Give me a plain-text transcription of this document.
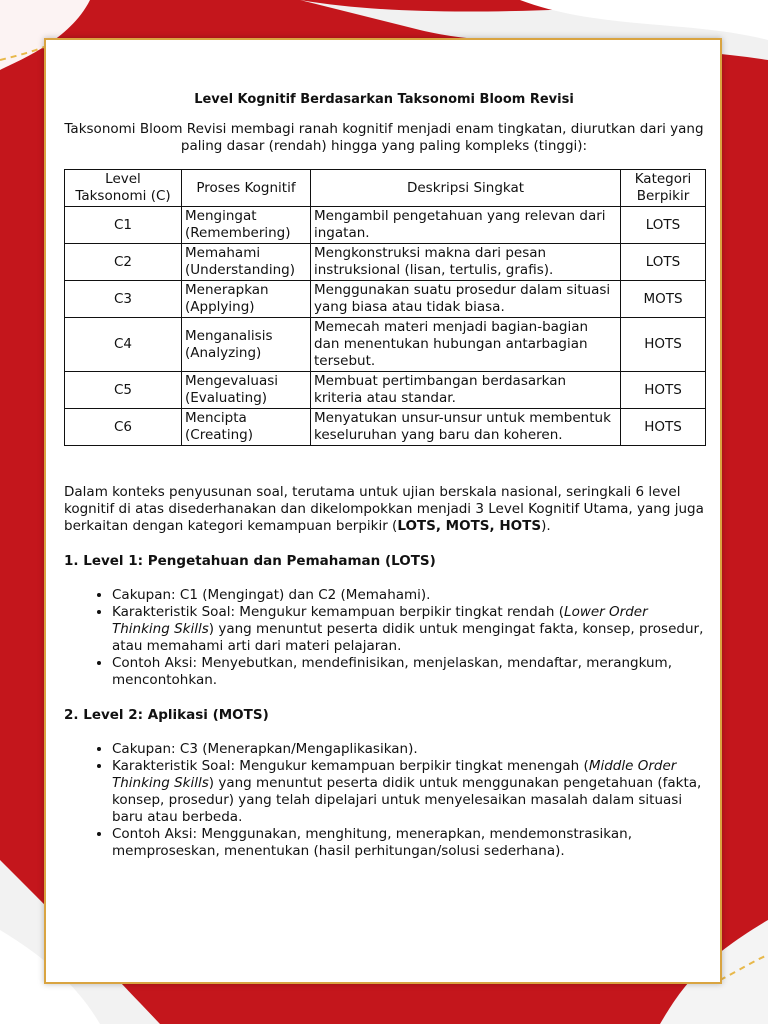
Level Kognitif Berdasarkan Taksonomi Bloom Revisi

Taksonomi Bloom Revisi membagi ranah kognitif menjadi enam tingkatan, diurutkan dari yang paling dasar (rendah) hingga yang paling kompleks (tinggi):

Level Taksonomi (C)	Proses Kognitif	Deskripsi Singkat	Kategori Berpikir
C1	Mengingat (Remembering)	Mengambil pengetahuan yang relevan dari ingatan.	LOTS
C2	Memahami (Understanding)	Mengkonstruksi makna dari pesan instruksional (lisan, tertulis, grafis).	LOTS
C3	Menerapkan (Applying)	Menggunakan suatu prosedur dalam situasi yang biasa atau tidak biasa.	MOTS
C4	Menganalisis (Analyzing)	Memecah materi menjadi bagian-bagian dan menentukan hubungan antarbagian tersebut.	HOTS
C5	Mengevaluasi (Evaluating)	Membuat pertimbangan berdasarkan kriteria atau standar.	HOTS
C6	Mencipta (Creating)	Menyatukan unsur-unsur untuk membentuk keseluruhan yang baru dan koheren.	HOTS

Dalam konteks penyusunan soal, terutama untuk ujian berskala nasional, seringkali 6 level kognitif di atas disederhanakan dan dikelompokkan menjadi 3 Level Kognitif Utama, yang juga berkaitan dengan kategori kemampuan berpikir (LOTS, MOTS, HOTS).

1. Level 1: Pengetahuan dan Pemahaman (LOTS)

• Cakupan: C1 (Mengingat) dan C2 (Memahami).
• Karakteristik Soal: Mengukur kemampuan berpikir tingkat rendah (Lower Order Thinking Skills) yang menuntut peserta didik untuk mengingat fakta, konsep, prosedur, atau memahami arti dari materi pelajaran.
• Contoh Aksi: Menyebutkan, mendefinisikan, menjelaskan, mendaftar, merangkum, mencontohkan.

2. Level 2: Aplikasi (MOTS)

• Cakupan: C3 (Menerapkan/Mengaplikasikan).
• Karakteristik Soal: Mengukur kemampuan berpikir tingkat menengah (Middle Order Thinking Skills) yang menuntut peserta didik untuk menggunakan pengetahuan (fakta, konsep, prosedur) yang telah dipelajari untuk menyelesaikan masalah dalam situasi baru atau berbeda.
• Contoh Aksi: Menggunakan, menghitung, menerapkan, mendemonstrasikan, memproseskan, menentukan (hasil perhitungan/solusi sederhana).
